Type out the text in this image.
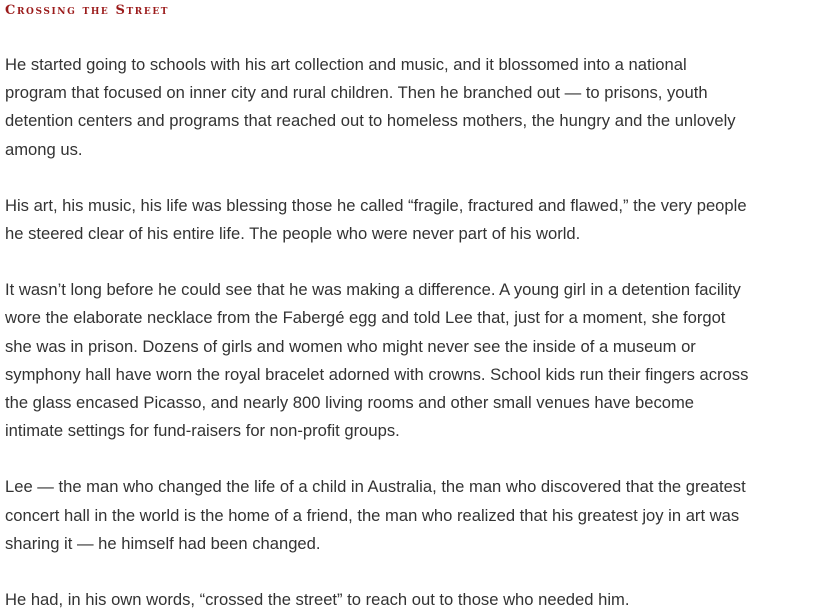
Crossing the Street

He started going to schools with his art collection and music, and it blossomed into a national
program that focused on inner city and rural children. Then he branched out — to prisons, youth
detention centers and programs that reached out to homeless mothers, the hungry and the unlovely
among us.

His art, his music, his life was blessing those he called “fragile, fractured and flawed,” the very people
he steered clear of his entire life. The people who were never part of his world.

It wasn’t long before he could see that he was making a difference. A young girl in a detention facility
wore the elaborate necklace from the Fabergé egg and told Lee that, just for a moment, she forgot
she was in prison. Dozens of girls and women who might never see the inside of a museum or
symphony hall have worn the royal bracelet adorned with crowns. School kids run their fingers across
the glass encased Picasso, and nearly 800 living rooms and other small venues have become
intimate settings for fund-raisers for non-profit groups.

Lee — the man who changed the life of a child in Australia, the man who discovered that the greatest
concert hall in the world is the home of a friend, the man who realized that his greatest joy in art was
sharing it — he himself had been changed.

He had, in his own words, “crossed the street” to reach out to those who needed him.
